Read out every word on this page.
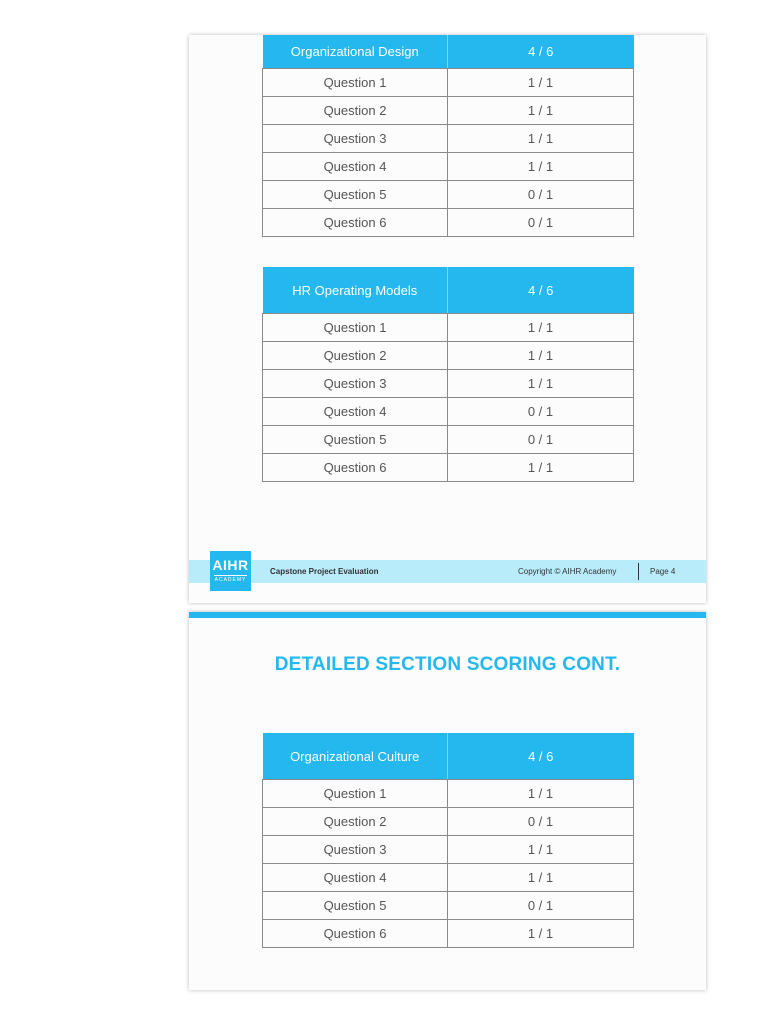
Organizational Design	4 / 6
Question 1	1 / 1
Question 2	1 / 1
Question 3	1 / 1
Question 4	1 / 1
Question 5	0 / 1
Question 6	0 / 1
HR Operating Models	4 / 6
Question 1	1 / 1
Question 2	1 / 1
Question 3	1 / 1
Question 4	0 / 1
Question 5	0 / 1
Question 6	1 / 1
Capstone Project Evaluation	Copyright © AIHR Academy	Page 4
AIHR
ACADEMY
DETAILED SECTION SCORING CONT.
Organizational Culture	4 / 6
Question 1	1 / 1
Question 2	0 / 1
Question 3	1 / 1
Question 4	1 / 1
Question 5	0 / 1
Question 6	1 / 1
